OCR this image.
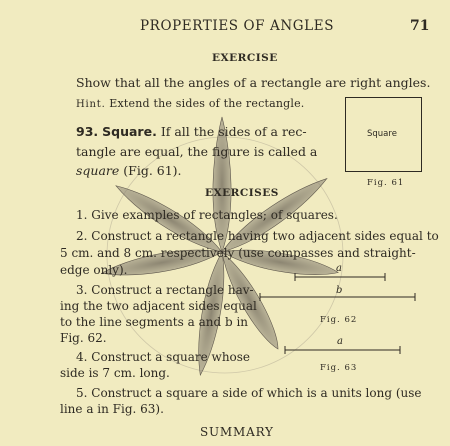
PROPERTIES OF ANGLES	71
EXERCISE
Show that all the angles of a rectangle are right angles.
Hint. Extend the sides of the rectangle.
93. Square. If all the sides of a rec-
tangle are equal, the figure is called a
square (Fig. 61).
Square
Fig. 61
EXERCISES
1. Give examples of rectangles; of squares.
2. Construct a rectangle having two adjacent sides equal to
5 cm. and 8 cm. respectively (use compasses and straight-
edge only).
3. Construct a rectangle hav-
ing the two adjacent sides equal
to the line segments a and b in
Fig. 62.
4. Construct a square whose
side is 7 cm. long.
5. Construct a square a side of which is a units long (use
line a in Fig. 63).
a
b
Fig. 62
a
Fig. 63
SUMMARY
